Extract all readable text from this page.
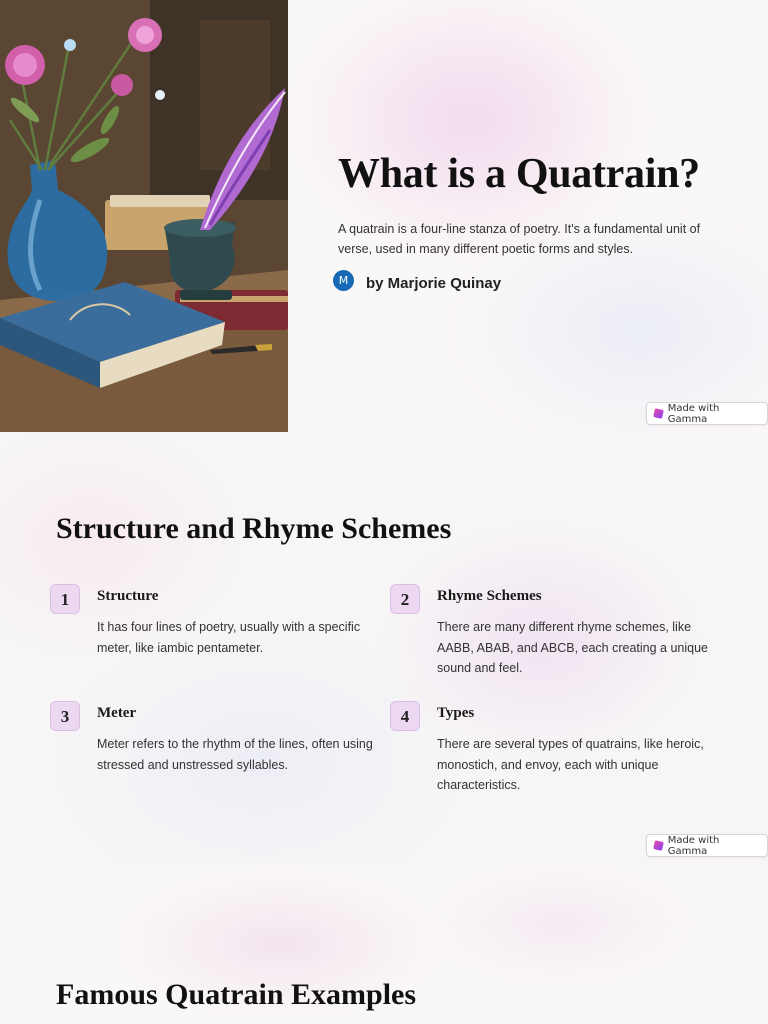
What is a Quatrain?

A quatrain is a four-line stanza of poetry. It's a fundamental unit of verse, used in many different poetic forms and styles.

M	by Marjorie Quinay
Made with Gamma
Structure and Rhyme Schemes
1	Structure
It has four lines of poetry, usually with a specific meter, like iambic pentameter.
2	Rhyme Schemes
There are many different rhyme schemes, like AABB, ABAB, and ABCB, each creating a unique sound and feel.
3	Meter
Meter refers to the rhythm of the lines, often using stressed and unstressed syllables.
4	Types
There are several types of quatrains, like heroic, monostich, and envoy, each with unique characteristics.
Made with Gamma
Famous Quatrain Examples
